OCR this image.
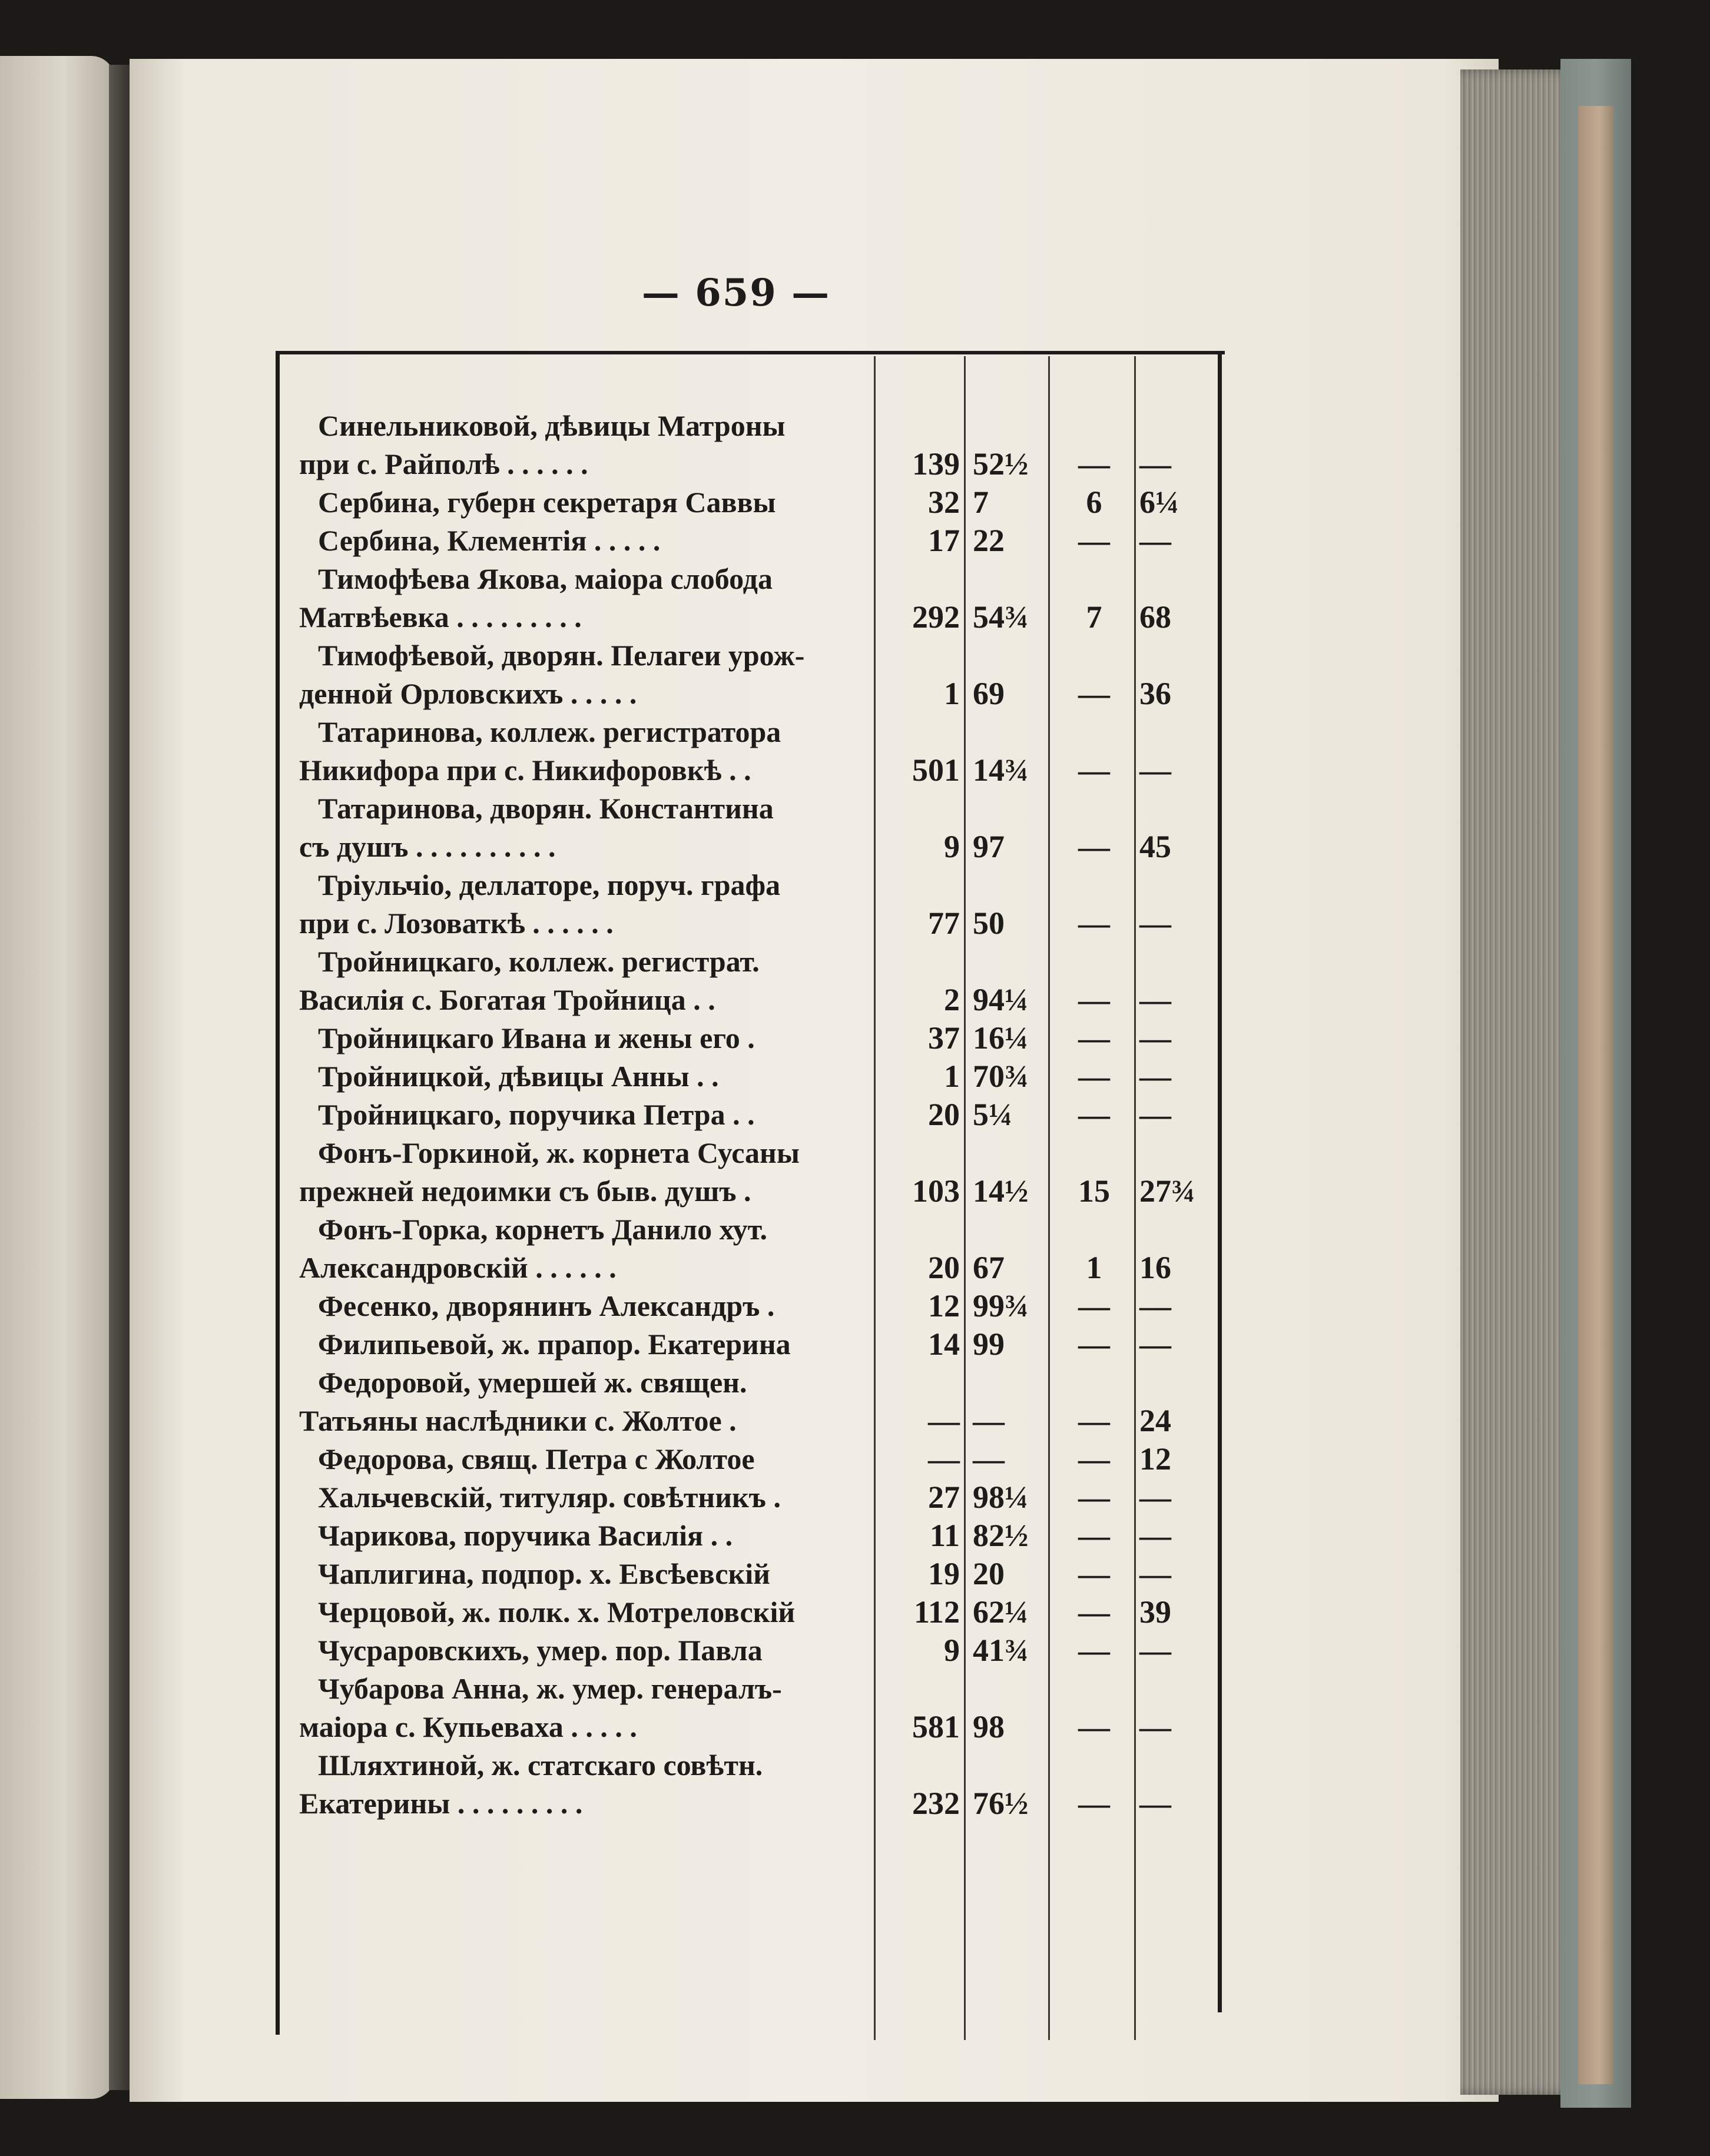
— 659 —
Синельниковой, дѣвицы Матроны
при с. Райполѣ . . . . . .	139 52½	— —
Сербина, губерн секретаря Саввы	32 7	6	6¼
Сербина, Клементія . . . . .	17 22	— —
Тимофѣева Якова, маіора слобода
Матвѣевка . . . . . . . . .	292 54¾	7	68
Тимофѣевой, дворян. Пелагеи урож-
денной Орловскихъ . . . . .	1 69	— 36
Татаринова, коллеж. регистратора
Никифора при с. Никифоровкѣ . .	501 14¾	— —
Татаринова, дворян. Константина
съ душъ . . . . . . . . . .	9 97	— 45
Тріульчіо, деллаторе, поруч. графа
при с. Лозоваткѣ . . . . . .	77 50	— —
Тройницкаго, коллеж. регистрат.
Василія с. Богатая Тройница . .	2 94¼	— —
Тройницкаго Ивана и жены его .	37 16¼	— —
Тройницкой, дѣвицы Анны . .	1 70¾	— —
Тройницкаго, поручика Петра . .	20 5¼	— —
Фонъ-Горкиной, ж. корнета Сусаны
прежней недоимки съ быв. душъ .	103 14½	15 27¾
Фонъ-Горка, корнетъ Данило хут.
Александровскій . . . . . .	20 67	1	16
Фесенко, дворянинъ Александръ .	12 99¾	— —
Филипьевой, ж. прапор. Екатерина	14 99	— —
Федоровой, умершей ж. священ.
Татьяны наслѣдники с. Жолтое .	— —	— 24
Федорова, свящ. Петра с Жолтое	— —	— 12
Хальчевскій, титуляр. совѣтникъ .	27 98¼	— —
Чарикова, поручика Василія . .	11 82½	— —
Чаплигина, подпор. х. Евсѣевскій	19 20	— —
Черцовой, ж. полк. х. Мотреловскій	112 62¼	— 39
Чусраровскихъ, умер. пор. Павла	9 41¾	— —
Чубарова Анна, ж. умер. генералъ-
маіора с. Купьеваха . . . . .	581 98	— —
Шляхтиной, ж. статскаго совѣтн.
Екатерины . . . . . . . . .	232 76½	— —
